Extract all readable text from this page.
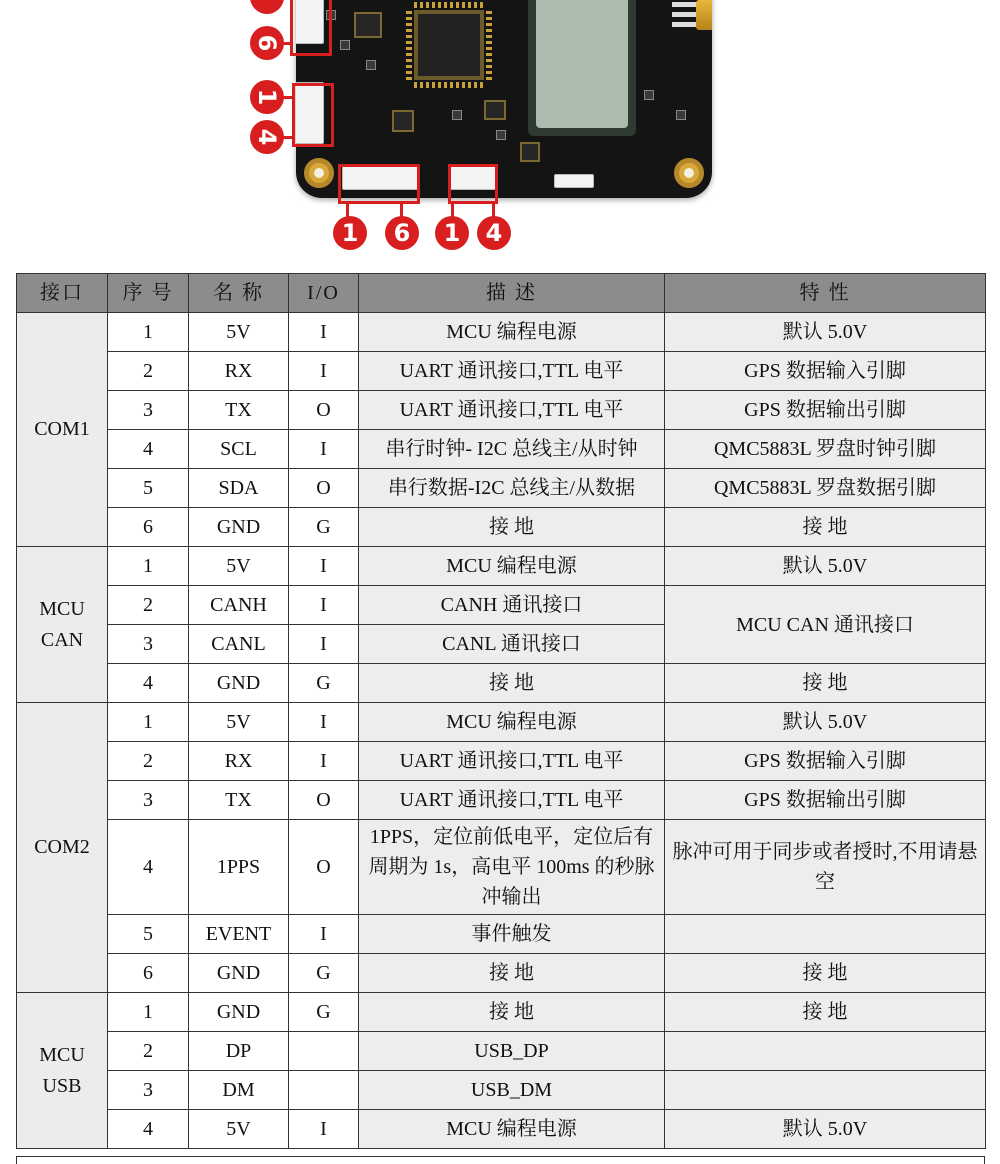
6
1
4
1	6	1	4
接口	序 号	名 称	I/O	描 述	特 性
COM1	1	5V	I	MCU 编程电源	默认 5.0V
	2	RX	I	UART 通讯接口,TTL 电平	GPS 数据输入引脚
	3	TX	O	UART 通讯接口,TTL 电平	GPS 数据输出引脚
	4	SCL	I	串行时钟- I2C 总线主/从时钟	QMC5883L 罗盘时钟引脚
	5	SDA	O	串行数据-I2C 总线主/从数据	QMC5883L 罗盘数据引脚
	6	GND	G	接 地	接 地
MCU CAN	1	5V	I	MCU 编程电源	默认 5.0V
	2	CANH	I	CANH 通讯接口	MCU CAN 通讯接口
	3	CANL	I	CANL 通讯接口	
	4	GND	G	接 地	接 地
COM2	1	5V	I	MCU 编程电源	默认 5.0V
	2	RX	I	UART 通讯接口,TTL 电平	GPS 数据输入引脚
	3	TX	O	UART 通讯接口,TTL 电平	GPS 数据输出引脚
	4	1PPS	O	1PPS，定位前低电平，定位后有周期为 1s，高电平 100ms 的秒脉冲输出	脉冲可用于同步或者授时,不用请悬空
	5	EVENT	I	事件触发	
	6	GND	G	接 地	接 地
MCU USB	1	GND	G	接 地	接 地
	2	DP		USB_DP	
	3	DM		USB_DM	
	4	5V	I	MCU 编程电源	默认 5.0V
